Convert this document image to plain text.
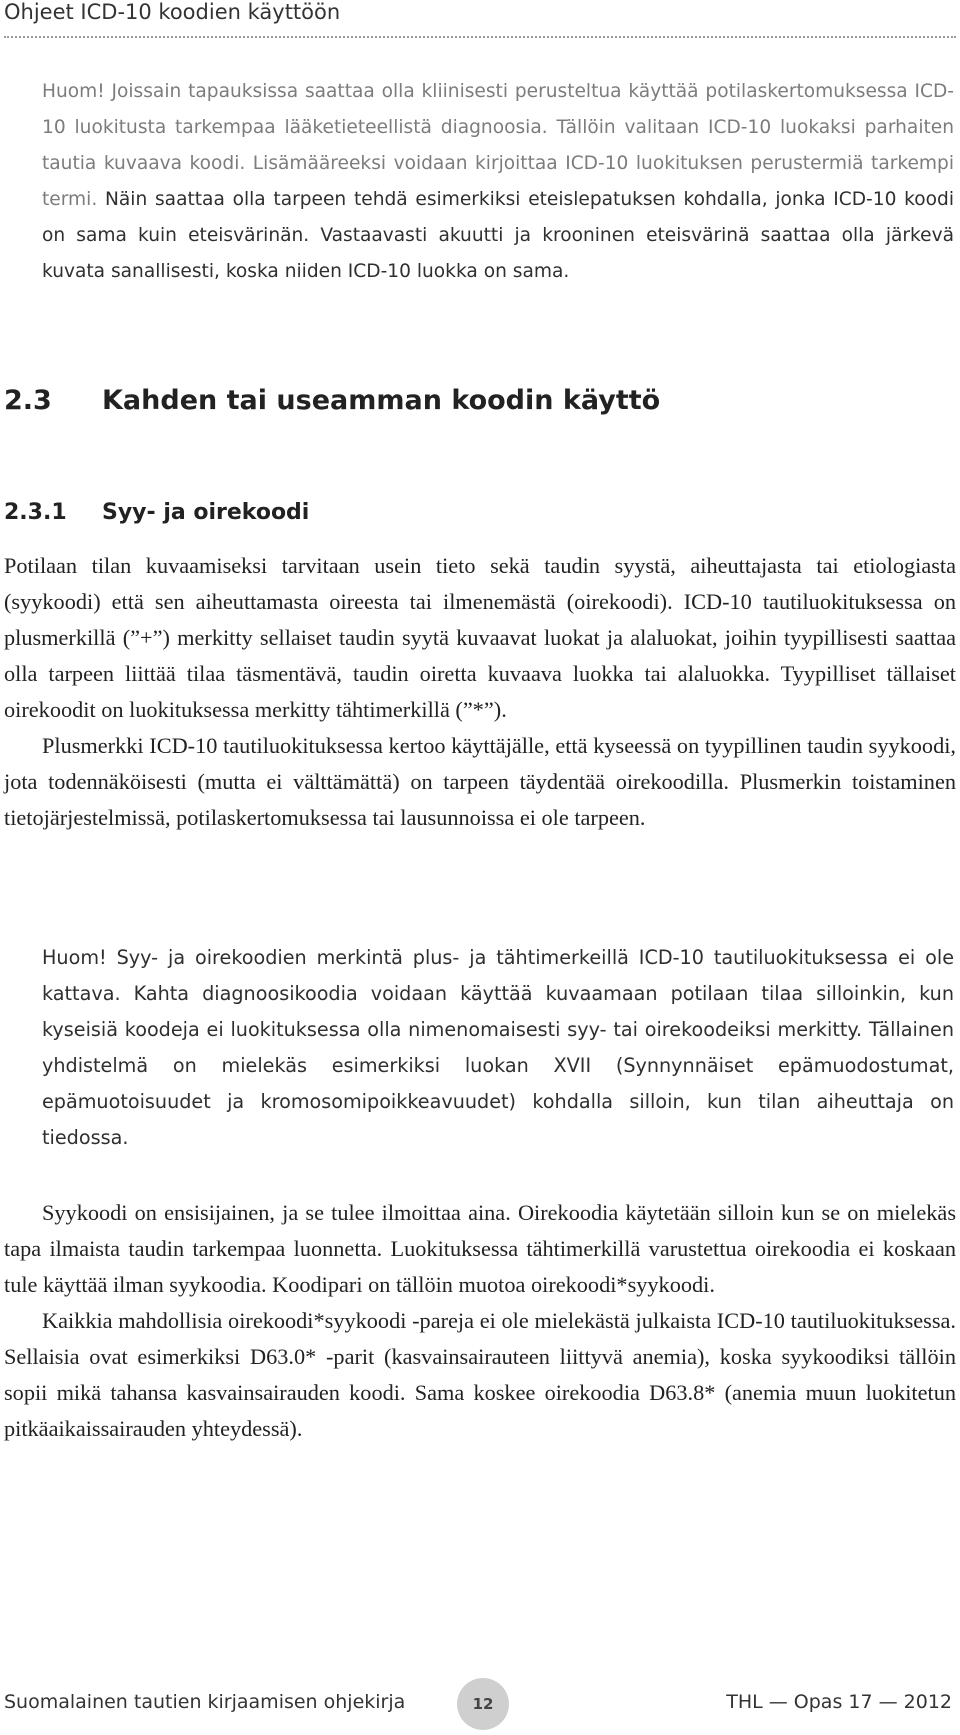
Ohjeet ICD-10 koodien käyttöön

Huom! Joissain tapauksissa saattaa olla kliinisesti perusteltua käyttää potilaskertomuksessa ICD-10 luokitusta tarkempaa lääketieteellistä diagnoosia. Tällöin valitaan ICD-10 luokaksi parhaiten tautia kuvaava koodi. Lisämääreeksi voidaan kirjoittaa ICD-10 luokituksen perustermiä tarkempi termi. Näin saattaa olla tarpeen tehdä esimerkiksi eteislepatuksen kohdalla, jonka ICD-10 koodi on sama kuin eteisvärinän. Vastaavasti akuutti ja krooninen eteisvärinä saattaa olla järkevä kuvata sanallisesti, koska niiden ICD-10 luokka on sama.

2.3 Kahden tai useamman koodin käyttö
2.3.1 Syy- ja oirekoodi

Potilaan tilan kuvaamiseksi tarvitaan usein tieto sekä taudin syystä, aiheuttajasta tai etiologiasta (syykoodi) että sen aiheuttamasta oireesta tai ilmenemästä (oirekoodi). ICD-10 tautiluokituksessa on plusmerkillä (”+”) merkitty sellaiset taudin syytä kuvaavat luokat ja alaluokat, joihin tyypillisesti saattaa olla tarpeen liittää tilaa täsmentävä, taudin oiretta kuvaava luokka tai alaluokka. Tyypilliset tällaiset oirekoodit on luokituksessa merkitty tähtimerkillä (”*”).

Plusmerkki ICD-10 tautiluokituksessa kertoo käyttäjälle, että kyseessä on tyypillinen taudin syykoodi, jota todennäköisesti (mutta ei välttämättä) on tarpeen täydentää oirekoodilla. Plusmerkin toistaminen tietojärjestelmissä, potilaskertomuksessa tai lausunnoissa ei ole tarpeen.

Huom! Syy- ja oirekoodien merkintä plus- ja tähtimerkeillä ICD-10 tautiluokituksessa ei ole kattava. Kahta diagnoosikoodia voidaan käyttää kuvaamaan potilaan tilaa silloinkin, kun kyseisiä koodeja ei luokituksessa olla nimenomaisesti syy- tai oirekoodeiksi merkitty. Tällainen yhdistelmä on mielekäs esimerkiksi luokan XVII (Synnynnäiset epämuodostumat, epämuotoisuudet ja kromosomipoikkeavuudet) kohdalla silloin, kun tilan aiheuttaja on tiedossa.

Syykoodi on ensisijainen, ja se tulee ilmoittaa aina. Oirekoodia käytetään silloin kun se on mielekäs tapa ilmaista taudin tarkempaa luonnetta. Luokituksessa tähtimerkillä varustettua oirekoodia ei koskaan tule käyttää ilman syykoodia. Koodipari on tällöin muotoa oirekoodi*syykoodi.

Kaikkia mahdollisia oirekoodi*syykoodi -pareja ei ole mielekästä julkaista ICD-10 tautiluokituksessa. Sellaisia ovat esimerkiksi D63.0* -parit (kasvainsairauteen liittyvä anemia), koska syykoodiksi tällöin sopii mikä tahansa kasvainsairauden koodi. Sama koskee oirekoodia D63.8* (anemia muun luokitetun pitkäaikaissairauden yhteydessä).

Suomalainen tautien kirjaamisen ohjekirja	12	THL — Opas 17 — 2012
